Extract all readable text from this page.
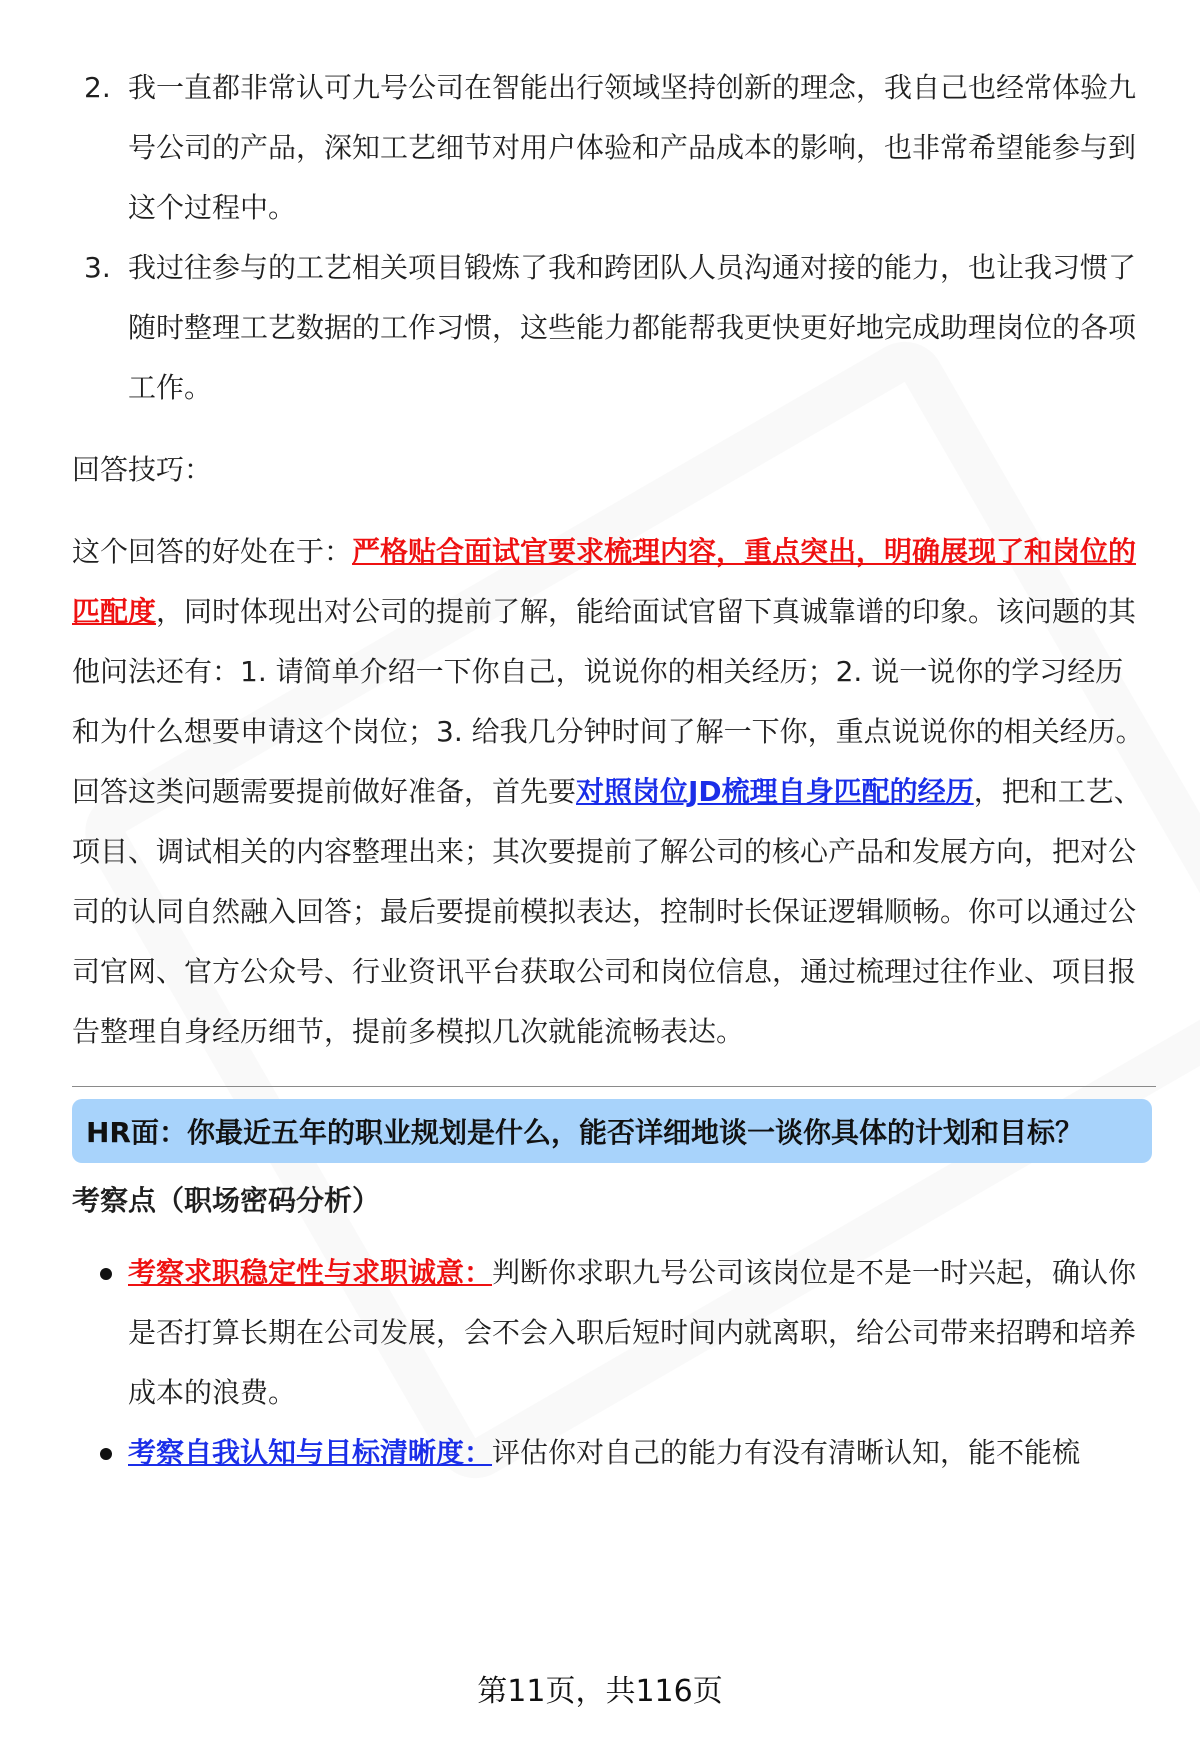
2. 我一直都非常认可九号公司在智能出行领域坚持创新的理念，我自己也经常体验九号公司的产品，深知工艺细节对用户体验和产品成本的影响，也非常希望能参与到这个过程中。
3. 我过往参与的工艺相关项目锻炼了我和跨团队人员沟通对接的能力，也让我习惯了随时整理工艺数据的工作习惯，这些能力都能帮我更快更好地完成助理岗位的各项工作。

回答技巧：

这个回答的好处在于：严格贴合面试官要求梳理内容，重点突出，明确展现了和岗位的匹配度，同时体现出对公司的提前了解，能给面试官留下真诚靠谱的印象。该问题的其他问法还有：1. 请简单介绍一下你自己，说说你的相关经历；2. 说一说你的学习经历和为什么想要申请这个岗位；3. 给我几分钟时间了解一下你，重点说说你的相关经历。

回答这类问题需要提前做好准备，首先要对照岗位JD梳理自身匹配的经历，把和工艺、项目、调试相关的内容整理出来；其次要提前了解公司的核心产品和发展方向，把对公司的认同自然融入回答；最后要提前模拟表达，控制时长保证逻辑顺畅。你可以通过公司官网、官方公众号、行业资讯平台获取公司和岗位信息，通过梳理过往作业、项目报告整理自身经历细节，提前多模拟几次就能流畅表达。

HR面：你最近五年的职业规划是什么，能否详细地谈一谈你具体的计划和目标？
考察点（职场密码分析）
考察求职稳定性与求职诚意：判断你求职九号公司该岗位是不是一时兴起，确认你是否打算长期在公司发展，会不会入职后短时间内就离职，给公司带来招聘和培养成本的浪费。
考察自我认知与目标清晰度：评估你对自己的能力有没有清晰认知，能不能梳
第11页，共116页
